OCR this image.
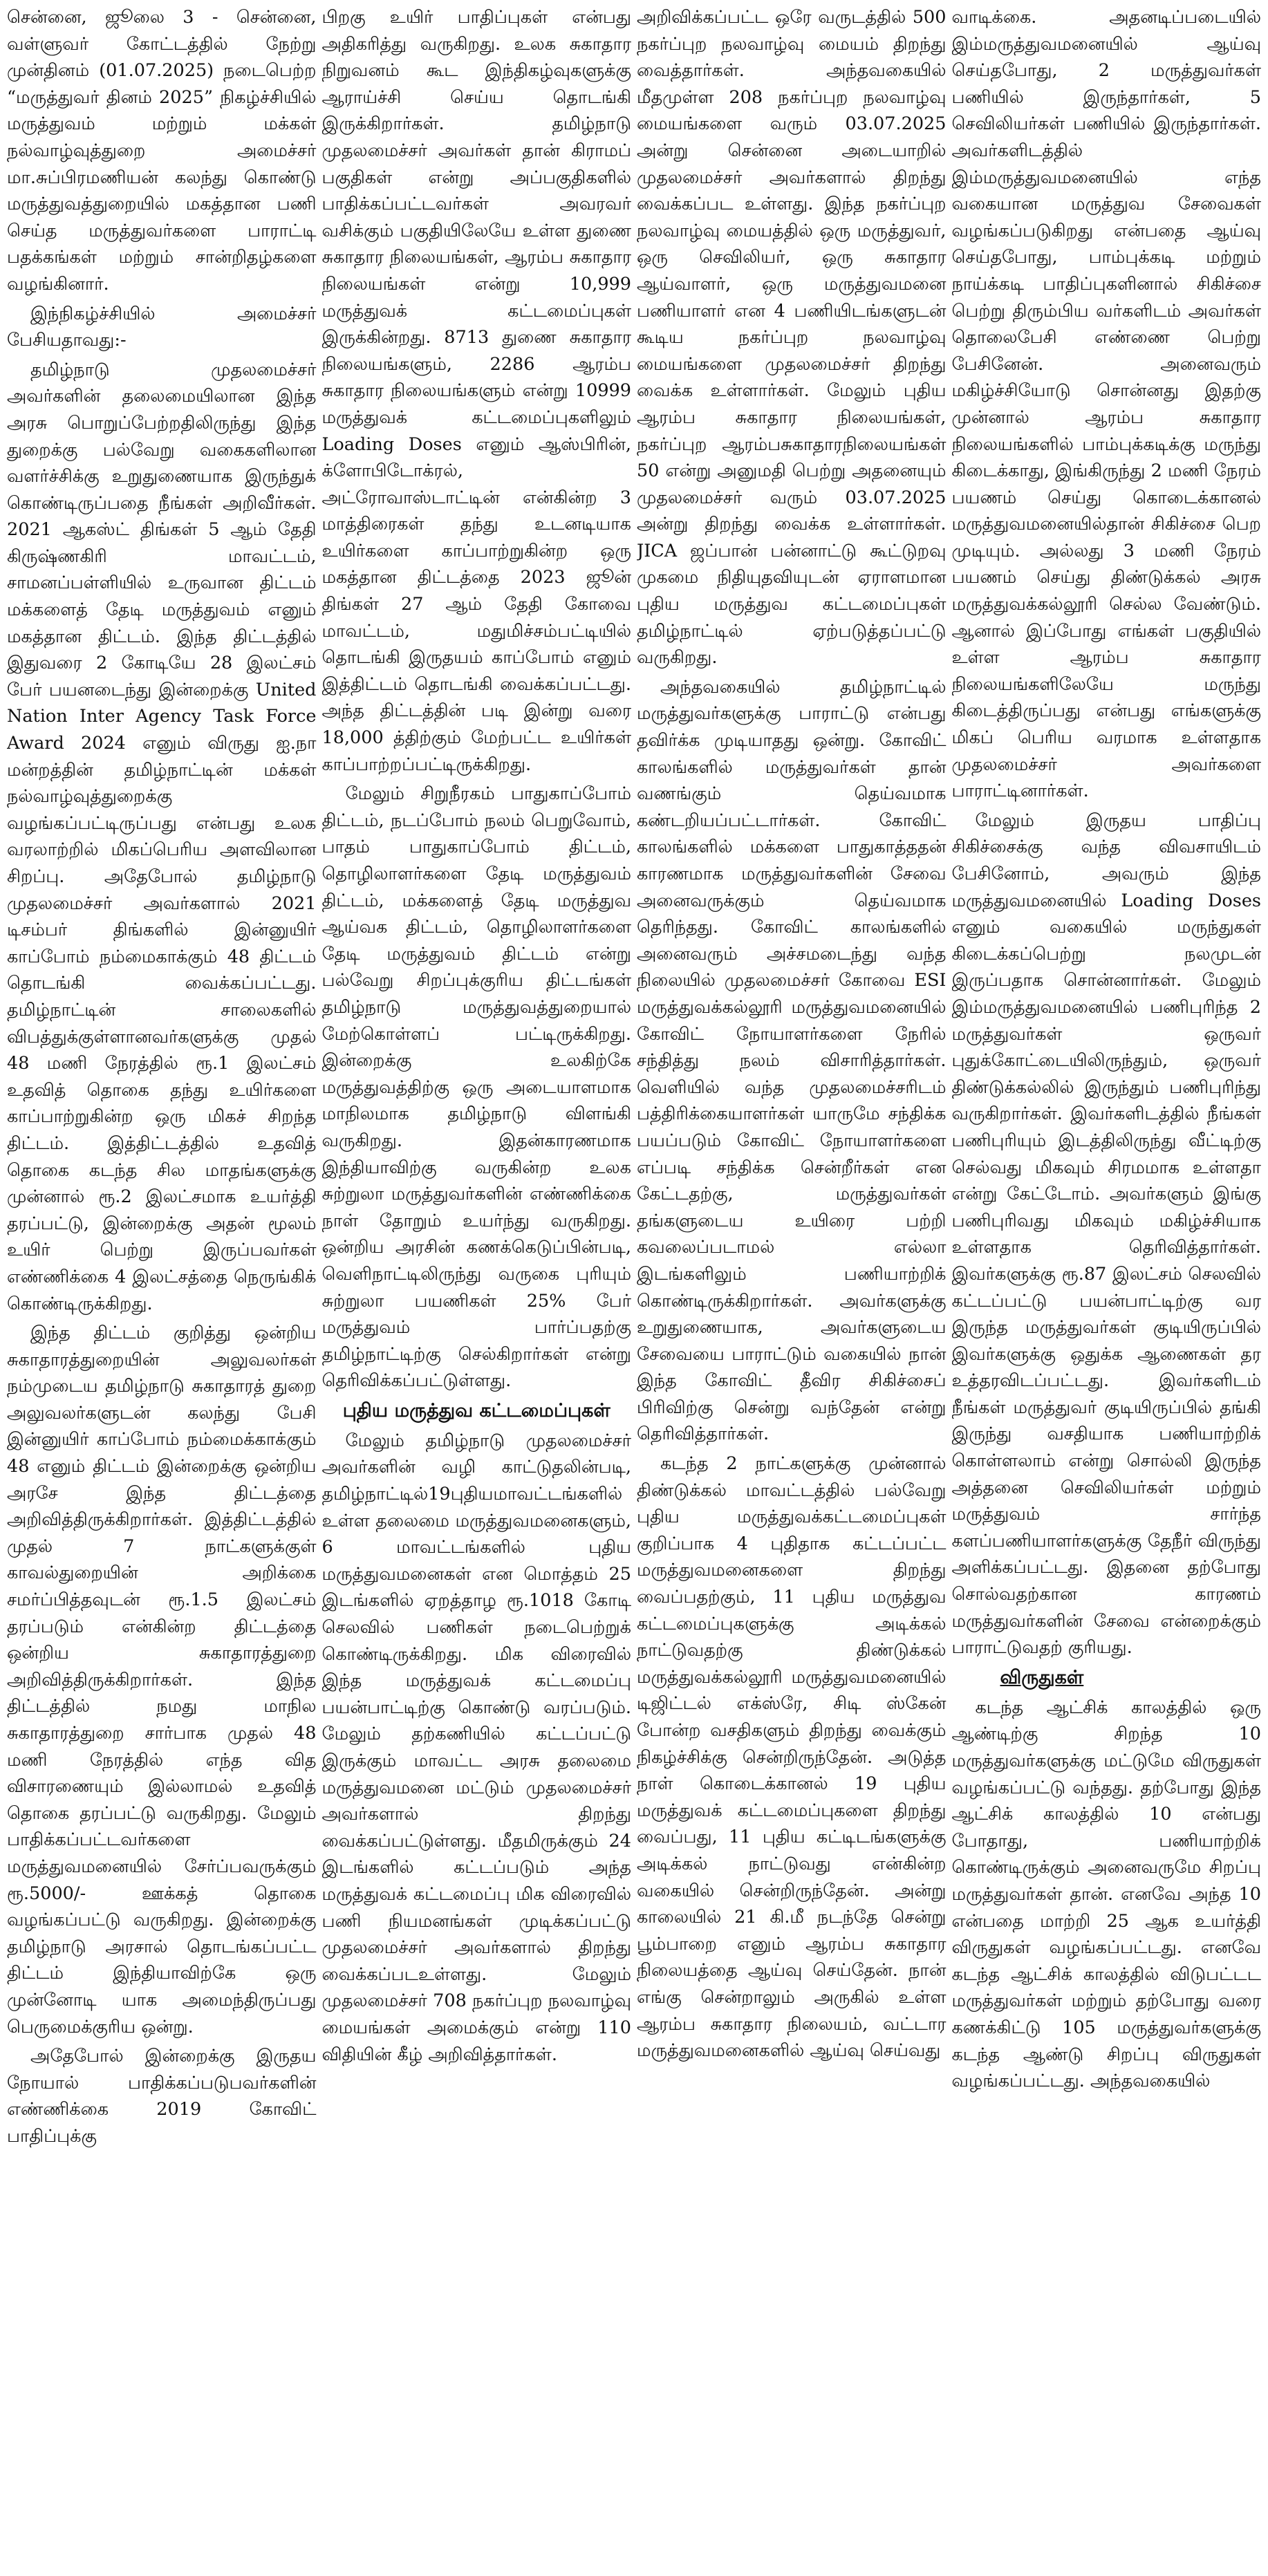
சென்னை, ஜூலை 3 - சென்னை, வள்ளுவர் கோட்டத்தில் நேற்று முன்தினம் (01.07.2025) நடைபெற்ற “மருத்துவர் தினம் 2025” நிகழ்ச்சியில் மருத்துவம் மற்றும் மக்கள் நல்வாழ்வுத்துறை அமைச்சர் மா.சுப்பிரமணியன் கலந்து கொண்டு மருத்துவத்துறையில் மகத்தான பணி செய்த மருத்துவர்களை பாராட்டி பதக்கங்கள் மற்றும் சான்றிதழ்களை வழங்கினார்.

இந்நிகழ்ச்சியில் அமைச்சர் பேசியதாவது:-

தமிழ்நாடு முதலமைச்சர் அவர்களின் தலைமையிலான இந்த அரசு பொறுப்பேற்றதிலிருந்து இந்த துறைக்கு பல்வேறு வகைகளிலான வளர்ச்சிக்கு உறுதுணையாக இருந்துக் கொண்டிருப்பதை நீங்கள் அறிவீர்கள். 2021 ஆகஸ்ட் திங்கள் 5 ஆம் தேதி கிருஷ்ணகிரி மாவட்டம், சாமனப்பள்ளியில் உருவான திட்டம் மக்களைத் தேடி மருத்துவம் எனும் மகத்தான திட்டம். இந்த திட்டத்தில் இதுவரை 2 கோடியே 28 இலட்சம் பேர் பயனடைந்து இன்றைக்கு United Nation Inter Agency Task Force Award 2024 எனும் விருது ஐ.நா மன்றத்தின் தமிழ்நாட்டின் மக்கள் நல்வாழ்வுத்துறைக்கு வழங்கப்பட்டிருப்பது என்பது உலக வரலாற்றில் மிகப்பெரிய அளவிலான சிறப்பு. அதேபோல் தமிழ்நாடு முதலமைச்சர் அவர்களால் 2021 டிசம்பர் திங்களில் இன்னுயிர் காப்போம் நம்மைகாக்கும் 48 திட்டம் தொடங்கி வைக்கப்பட்டது. தமிழ்நாட்டின் சாலைகளில் விபத்துக்குள்ளானவர்களுக்கு முதல் 48 மணி நேரத்தில் ரூ.1 இலட்சம் உதவித் தொகை தந்து உயிர்களை காப்பாற்றுகின்ற ஒரு மிகச் சிறந்த திட்டம். இத்திட்டத்தில் உதவித் தொகை கடந்த சில மாதங்களுக்கு முன்னால் ரூ.2 இலட்சமாக உயர்த்தி தரப்பட்டு, இன்றைக்கு அதன் மூலம் உயிர் பெற்று இருப்பவர்கள் எண்ணிக்கை 4 இலட்சத்தை நெருங்கிக் கொண்டிருக்கிறது.

இந்த திட்டம் குறித்து ஒன்றிய சுகாதாரத்துறையின் அலுவலர்கள் நம்முடைய தமிழ்நாடு சுகாதாரத் துறை அலுவலர்களுடன் கலந்து பேசி இன்னுயிர் காப்போம் நம்மைக்காக்கும் 48 எனும் திட்டம் இன்றைக்கு ஒன்றிய அரசே இந்த திட்டத்தை அறிவித்திருக்கிறார்கள். இத்திட்டத்தில் முதல் 7 நாட்களுக்குள் காவல்துறையின் அறிக்கை சமர்ப்பித்தவுடன் ரூ.1.5 இலட்சம் தரப்படும் என்கின்ற திட்டத்தை ஒன்றிய சுகாதாரத்துறை அறிவித்திருக்கிறார்கள். இந்த திட்டத்தில் நமது மாநில சுகாதாரத்துறை சார்பாக முதல் 48 மணி நேரத்தில் எந்த வித விசாரணையும் இல்லாமல் உதவித் தொகை தரப்பட்டு வருகிறது. மேலும் பாதிக்கப்பட்டவர்களை மருத்துவமனையில் சேர்ப்பவருக்கும் ரூ.5000/- ஊக்கத் தொகை வழங்கப்பட்டு வருகிறது. இன்றைக்கு தமிழ்நாடு அரசால் தொடங்கப்பட்ட திட்டம் இந்தியாவிற்கே ஒரு முன்னோடி யாக அமைந்திருப்பது பெருமைக்குரிய ஒன்று.

அதேபோல் இன்றைக்கு இருதய நோயால் பாதிக்கப்படுபவர்களின் எண்ணிக்கை 2019 கோவிட் பாதிப்புக்கு

பிறகு உயிர் பாதிப்புகள் என்பது அதிகரித்து வருகிறது. உலக சுகாதார நிறுவனம் கூட இந்திகழ்வுகளுக்கு ஆராய்ச்சி செய்ய தொடங்கி இருக்கிறார்கள். தமிழ்நாடு முதலமைச்சர் அவர்கள் தான் கிராமப் பகுதிகள் என்று அப்பகுதிகளில் பாதிக்கப்பட்டவர்கள் அவரவர் வசிக்கும் பகுதியிலேயே உள்ள துணை சுகாதார நிலையங்கள், ஆரம்ப சுகாதார நிலையங்கள் என்று 10,999 மருத்துவக் கட்டமைப்புகள் இருக்கின்றது. 8713 துணை சுகாதார நிலையங்களும், 2286 ஆரம்ப சுகாதார நிலையங்களும் என்று 10999 மருத்துவக் கட்டமைப்புகளிலும் Loading Doses எனும் ஆஸ்பிரின், க்ளோபிடோக்ரல், அட்ரோவாஸ்டாட்டின் என்கின்ற 3 மாத்திரைகள் தந்து உடனடியாக உயிர்களை காப்பாற்றுகின்ற ஒரு மகத்தான திட்டத்தை 2023 ஜூன் திங்கள் 27 ஆம் தேதி கோவை மாவட்டம், மதுமிச்சம்பட்டியில் தொடங்கி இருதயம் காப்போம் எனும் இத்திட்டம் தொடங்கி வைக்கப்பட்டது. அந்த திட்டத்தின் படி இன்று வரை 18,000 த்திற்கும் மேற்பட்ட உயிர்கள் காப்பாற்றப்பட்டிருக்கிறது.

மேலும் சிறுநீரகம் பாதுகாப்போம் திட்டம், நடப்போம் நலம் பெறுவோம், பாதம் பாதுகாப்போம் திட்டம், தொழிலாளர்களை தேடி மருத்துவம் திட்டம், மக்களைத் தேடி மருத்துவ ஆய்வக திட்டம், தொழிலாளர்களை தேடி மருத்துவம் திட்டம் என்று பல்வேறு சிறப்புக்குரிய திட்டங்கள் தமிழ்நாடு மருத்துவத்துறையால் மேற்கொள்ளப் பட்டிருக்கிறது. இன்றைக்கு உலகிற்கே மருத்துவத்திற்கு ஒரு அடையாளமாக மாநிலமாக தமிழ்நாடு விளங்கி வருகிறது. இதன்காரணமாக இந்தியாவிற்கு வருகின்ற உலக சுற்றுலா மருத்துவர்களின் எண்ணிக்கை நாள் தோறும் உயர்ந்து வருகிறது. ஒன்றிய அரசின் கணக்கெடுப்பின்படி, வெளிநாட்டிலிருந்து வருகை புரியும் சுற்றுலா பயணிகள் 25% பேர் மருத்துவம் பார்ப்பதற்கு தமிழ்நாட்டிற்கு செல்கிறார்கள் என்று தெரிவிக்கப்பட்டுள்ளது.

புதிய மருத்துவ கட்டமைப்புகள்

மேலும் தமிழ்நாடு முதலமைச்சர் அவர்களின் வழி காட்டுதலின்படி, தமிழ்நாட்டில்19புதியமாவட்டங்களில் உள்ள தலைமை மருத்துவமனைகளும், 6 மாவட்டங்களில் புதிய மருத்துவமனைகள் என மொத்தம் 25 இடங்களில் ஏறத்தாழ ரூ.1018 கோடி செலவில் பணிகள் நடைபெற்றுக் கொண்டிருக்கிறது. மிக விரைவில் இந்த மருத்துவக் கட்டமைப்பு பயன்பாட்டிற்கு கொண்டு வரப்படும். மேலும் தற்கணியில் கட்டப்பட்டு இருக்கும் மாவட்ட அரசு தலைமை மருத்துவமனை மட்டும் முதலமைச்சர் அவர்களால் திறந்து வைக்கப்பட்டுள்ளது. மீதமிருக்கும் 24 இடங்களில் கட்டப்படும் அந்த மருத்துவக் கட்டமைப்பு மிக விரைவில் பணி நியமனங்கள் முடிக்கப்பட்டு முதலமைச்சர் அவர்களால் திறந்து வைக்கப்படஉள்ளது. மேலும் முதலமைச்சர் 708 நகர்ப்புற நலவாழ்வு மையங்கள் அமைக்கும் என்று 110 விதியின் கீழ் அறிவித்தார்கள்.

அறிவிக்கப்பட்ட ஒரே வருடத்தில் 500 நகர்ப்புற நலவாழ்வு மையம் திறந்து வைத்தார்கள். அந்தவகையில் மீதமுள்ள 208 நகர்ப்புற நலவாழ்வு மையங்களை வரும் 03.07.2025 அன்று சென்னை அடையாறில் முதலமைச்சர் அவர்களால் திறந்து வைக்கப்பட உள்ளது. இந்த நகர்ப்புற நலவாழ்வு மையத்தில் ஒரு மருத்துவர், ஒரு செவிலியர், ஒரு சுகாதார ஆய்வாளர், ஒரு மருத்துவமனை பணியாளர் என 4 பணியிடங்களுடன் கூடிய நகர்ப்புற நலவாழ்வு மையங்களை முதலமைச்சர் திறந்து வைக்க உள்ளார்கள். மேலும் புதிய ஆரம்ப சுகாதார நிலையங்கள், நகர்ப்புற ஆரம்பசுகாதாரநிலையங்கள் 50 என்று அனுமதி பெற்று அதனையும் முதலமைச்சர் வரும் 03.07.2025 அன்று திறந்து வைக்க உள்ளார்கள். JICA ஜப்பான் பன்னாட்டு கூட்டுறவு முகமை நிதியுதவியுடன் ஏராளமான புதிய மருத்துவ கட்டமைப்புகள் தமிழ்நாட்டில் ஏற்படுத்தப்பட்டு வருகிறது.

அந்தவகையில் தமிழ்நாட்டில் மருத்துவர்களுக்கு பாராட்டு என்பது தவிர்க்க முடியாதது ஒன்று. கோவிட் காலங்களில் மருத்துவர்கள் தான் வணங்கும் தெய்வமாக கண்டறியப்பட்டார்கள். கோவிட் காலங்களில் மக்களை பாதுகாத்ததன் காரணமாக மருத்துவர்களின் சேவை அனைவருக்கும் தெய்வமாக தெரிந்தது. கோவிட் காலங்களில் அனைவரும் அச்சமடைந்து வந்த நிலையில் முதலமைச்சர் கோவை ESI மருத்துவக்கல்லூரி மருத்துவமனையில் கோவிட் நோயாளர்களை நேரில் சந்தித்து நலம் விசாரித்தார்கள். வெளியில் வந்த முதலமைச்சரிடம் பத்திரிக்கையாளர்கள் யாருமே சந்திக்க பயப்படும் கோவிட் நோயாளர்களை எப்படி சந்திக்க சென்றீர்கள் என கேட்டதற்கு, மருத்துவர்கள் தங்களுடைய உயிரை பற்றி கவலைப்படாமல் எல்லா இடங்களிலும் பணியாற்றிக் கொண்டிருக்கிறார்கள். அவர்களுக்கு உறுதுணையாக, அவர்களுடைய சேவையை பாராட்டும் வகையில் நான் இந்த கோவிட் தீவிர சிகிச்சைப் பிரிவிற்கு சென்று வந்தேன் என்று தெரிவித்தார்கள்.

கடந்த 2 நாட்களுக்கு முன்னால் திண்டுக்கல் மாவட்டத்தில் பல்வேறு புதிய மருத்துவக்கட்டமைப்புகள் குறிப்பாக 4 புதிதாக கட்டப்பட்ட மருத்துவமனைகளை திறந்து வைப்பதற்கும், 11 புதிய மருத்துவ கட்டமைப்புகளுக்கு அடிக்கல் நாட்டுவதற்கு திண்டுக்கல் மருத்துவக்கல்லூரி மருத்துவமனையில் டிஜிட்டல் எக்ஸ்ரே, சிடி ஸ்கேன் போன்ற வசதிகளும் திறந்து வைக்கும் நிகழ்ச்சிக்கு சென்றிருந்தேன். அடுத்த நாள் கொடைக்கானல் 19 புதிய மருத்துவக் கட்டமைப்புகளை திறந்து வைப்பது, 11 புதிய கட்டிடங்களுக்கு அடிக்கல் நாட்டுவது என்கின்ற வகையில் சென்றிருந்தேன். அன்று காலையில் 21 கி.மீ நடந்தே சென்று பூம்பாறை எனும் ஆரம்ப சுகாதார நிலையத்தை ஆய்வு செய்தேன். நான் எங்கு சென்றாலும் அருகில் உள்ள ஆரம்ப சுகாதார நிலையம், வட்டார மருத்துவமனைகளில் ஆய்வு செய்வது

வாடிக்கை. அதனடிப்படையில் இம்மருத்துவமனையில் ஆய்வு செய்தபோது, 2 மருத்துவர்கள் பணியில் இருந்தார்கள், 5 செவிலியர்கள் பணியில் இருந்தார்கள். அவர்களிடத்தில் இம்மருத்துவமனையில் எந்த வகையான மருத்துவ சேவைகள் வழங்கப்படுகிறது என்பதை ஆய்வு செய்தபோது, பாம்புக்கடி மற்றும் நாய்க்கடி பாதிப்புகளினால் சிகிச்சை பெற்று திரும்பிய வர்களிடம் அவர்கள் தொலைபேசி எண்ணை பெற்று பேசினேன். அனைவரும் மகிழ்ச்சியோடு சொன்னது இதற்கு முன்னால் ஆரம்ப சுகாதார நிலையங்களில் பாம்புக்கடிக்கு மருந்து கிடைக்காது, இங்கிருந்து 2 மணி நேரம் பயணம் செய்து கொடைக்கானல் மருத்துவமனையில்தான் சிகிச்சை பெற முடியும். அல்லது 3 மணி நேரம் பயணம் செய்து திண்டுக்கல் அரசு மருத்துவக்கல்லூரி செல்ல வேண்டும். ஆனால் இப்போது எங்கள் பகுதியில் உள்ள ஆரம்ப சுகாதார நிலையங்களிலேயே மருந்து கிடைத்திருப்பது என்பது எங்களுக்கு மிகப் பெரிய வரமாக உள்ளதாக முதலமைச்சர் அவர்களை பாராட்டினார்கள்.

மேலும் இருதய பாதிப்பு சிகிச்சைக்கு வந்த விவசாயிடம் பேசினோம், அவரும் இந்த மருத்துவமனையில் Loading Doses எனும் வகையில் மருந்துகள் கிடைக்கப்பெற்று நலமுடன் இருப்பதாக சொன்னார்கள். மேலும் இம்மருத்துவமனையில் பணிபுரிந்த 2 மருத்துவர்கள் ஒருவர் புதுக்கோட்டையிலிருந்தும், ஒருவர் திண்டுக்கல்லில் இருந்தும் பணிபுரிந்து வருகிறார்கள். இவர்களிடத்தில் நீங்கள் பணிபுரியும் இடத்திலிருந்து வீட்டிற்கு செல்வது மிகவும் சிரமமாக உள்ளதா என்று கேட்டோம். அவர்களும் இங்கு பணிபுரிவது மிகவும் மகிழ்ச்சியாக உள்ளதாக தெரிவித்தார்கள். இவர்களுக்கு ரூ.87 இலட்சம் செலவில் கட்டப்பட்டு பயன்பாட்டிற்கு வர இருந்த மருத்துவர்கள் குடியிருப்பில் இவர்களுக்கு ஒதுக்க ஆணைகள் தர உத்தரவிடப்பட்டது. இவர்களிடம் நீங்கள் மருத்துவர் குடியிருப்பில் தங்கி இருந்து வசதியாக பணியாற்றிக் கொள்ளலாம் என்று சொல்லி இருந்த அத்தனை செவிலியர்கள் மற்றும் மருத்துவம் சார்ந்த களப்பணியாளர்களுக்கு தேநீர் விருந்து அளிக்கப்பட்டது. இதனை தற்போது சொல்வதற்கான காரணம் மருத்துவர்களின் சேவை என்றைக்கும் பாராட்டுவதற் குரியது.

விருதுகள்

கடந்த ஆட்சிக் காலத்தில் ஒரு ஆண்டிற்கு சிறந்த 10 மருத்துவர்களுக்கு மட்டுமே விருதுகள் வழங்கப்பட்டு வந்தது. தற்போது இந்த ஆட்சிக் காலத்தில் 10 என்பது போதாது, பணியாற்றிக் கொண்டிருக்கும் அனைவருமே சிறப்பு மருத்துவர்கள் தான். எனவே அந்த 10 என்பதை மாற்றி 25 ஆக உயர்த்தி விருதுகள் வழங்கப்பட்டது. எனவே கடந்த ஆட்சிக் காலத்தில் விடுபட்டட மருத்துவர்கள் மற்றும் தற்போது வரை கணக்கிட்டு 105 மருத்துவர்களுக்கு கடந்த ஆண்டு சிறப்பு விருதுகள் வழங்கப்பட்டது. அந்தவகையில்
